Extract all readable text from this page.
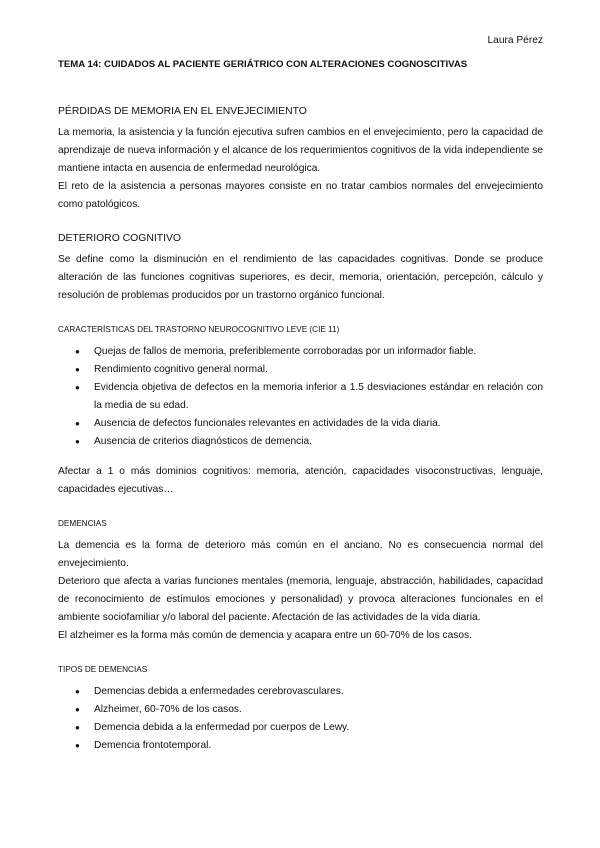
Laura Pérez
TEMA 14: CUIDADOS AL PACIENTE GERIÁTRICO CON ALTERACIONES COGNOSCITIVAS
PÉRDIDAS DE MEMORIA EN EL ENVEJECIMIENTO

La memoria, la asistencia y la función ejecutiva sufren cambios en el envejecimiento, pero la capacidad de aprendizaje de nueva información y el alcance de los requerimientos cognitivos de la vida independiente se mantiene intacta en ausencia de enfermedad neurológica.

El reto de la asistencia a personas mayores consiste en no tratar cambios normales del envejecimiento como patológicos.

DETERIORO COGNITIVO

Se define como la disminución en el rendimiento de las capacidades cognitivas. Donde se produce alteración de las funciones cognitivas superiores, es decir, memoria, orientación, percepción, cálculo y resolución de problemas producidos por un trastorno orgánico funcional.

CARACTERÍSTICAS DEL TRASTORNO NEUROCOGNITIVO LEVE (CIE 11)
● Quejas de fallos de memoria, preferiblemente corroboradas por un informador fiable.
● Rendimiento cognitivo general normal.
● Evidencia objetiva de defectos en la memoria inferior a 1.5 desviaciones estándar en relación con la media de su edad.
● Ausencia de defectos funcionales relevantes en actividades de la vida diaria.
● Ausencia de criterios diagnósticos de demencia.

Afectar a 1 o más dominios cognitivos: memoria, atención, capacidades visoconstructivas, lenguaje, capacidades ejecutivas…

DEMENCIAS

La demencia es la forma de deterioro más común en el anciano. No es consecuencia normal del envejecimiento.

Deterioro que afecta a varias funciones mentales (memoria, lenguaje, abstracción, habilidades, capacidad de reconocimiento de estímulos emociones y personalidad) y provoca alteraciones funcionales en el ambiente sociofamiliar y/o laboral del paciente. Afectación de las actividades de la vida diaria.

El alzheimer es la forma más común de demencia y acapara entre un 60-70% de los casos.

TIPOS DE DEMENCIAS
● Demencias debida a enfermedades cerebrovasculares.
● Alzheimer, 60-70% de los casos.
● Demencia debida a la enfermedad por cuerpos de Lewy.
● Demencia frontotemporal.
